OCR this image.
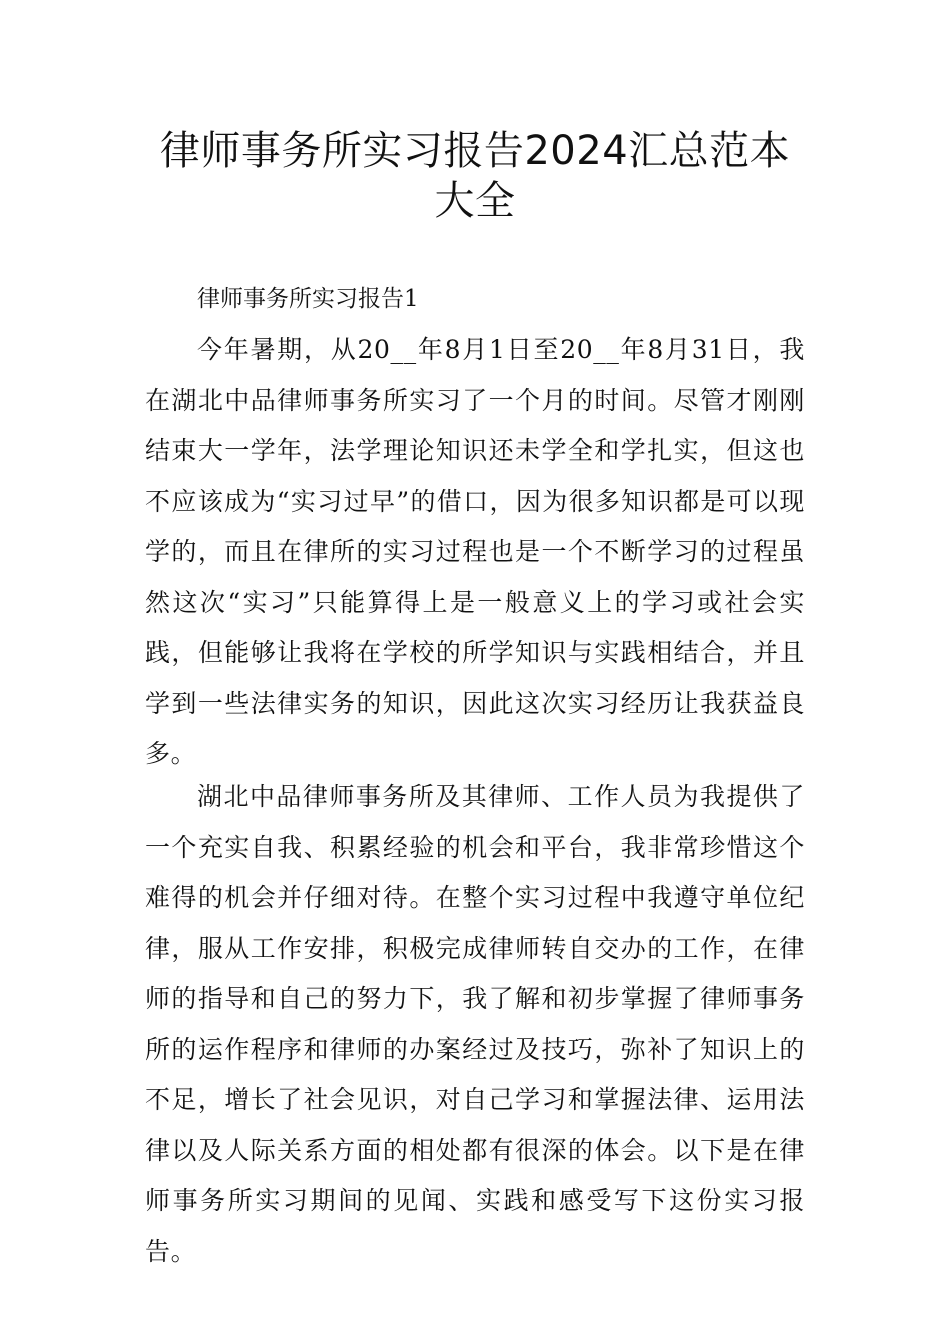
律师事务所实习报告2024汇总范本大全

律师事务所实习报告1

今年暑期，从20__年8月1日至20__年8月31日，我在湖北中品律师事务所实习了一个月的时间。尽管才刚刚结束大一学年，法学理论知识还未学全和学扎实，但这也不应该成为“实习过早”的借口，因为很多知识都是可以现学的，而且在律所的实习过程也是一个不断学习的过程虽然这次“实习”只能算得上是一般意义上的学习或社会实践，但能够让我将在学校的所学知识与实践相结合，并且学到一些法律实务的知识，因此这次实习经历让我获益良多。

湖北中品律师事务所及其律师、工作人员为我提供了一个充实自我、积累经验的机会和平台，我非常珍惜这个难得的机会并仔细对待。在整个实习过程中我遵守单位纪律，服从工作安排，积极完成律师转自交办的工作，在律师的指导和自己的努力下，我了解和初步掌握了律师事务所的运作程序和律师的办案经过及技巧，弥补了知识上的不足，增长了社会见识，对自己学习和掌握法律、运用法律以及人际关系方面的相处都有很深的体会。以下是在律师事务所实习期间的见闻、实践和感受写下这份实习报告。
